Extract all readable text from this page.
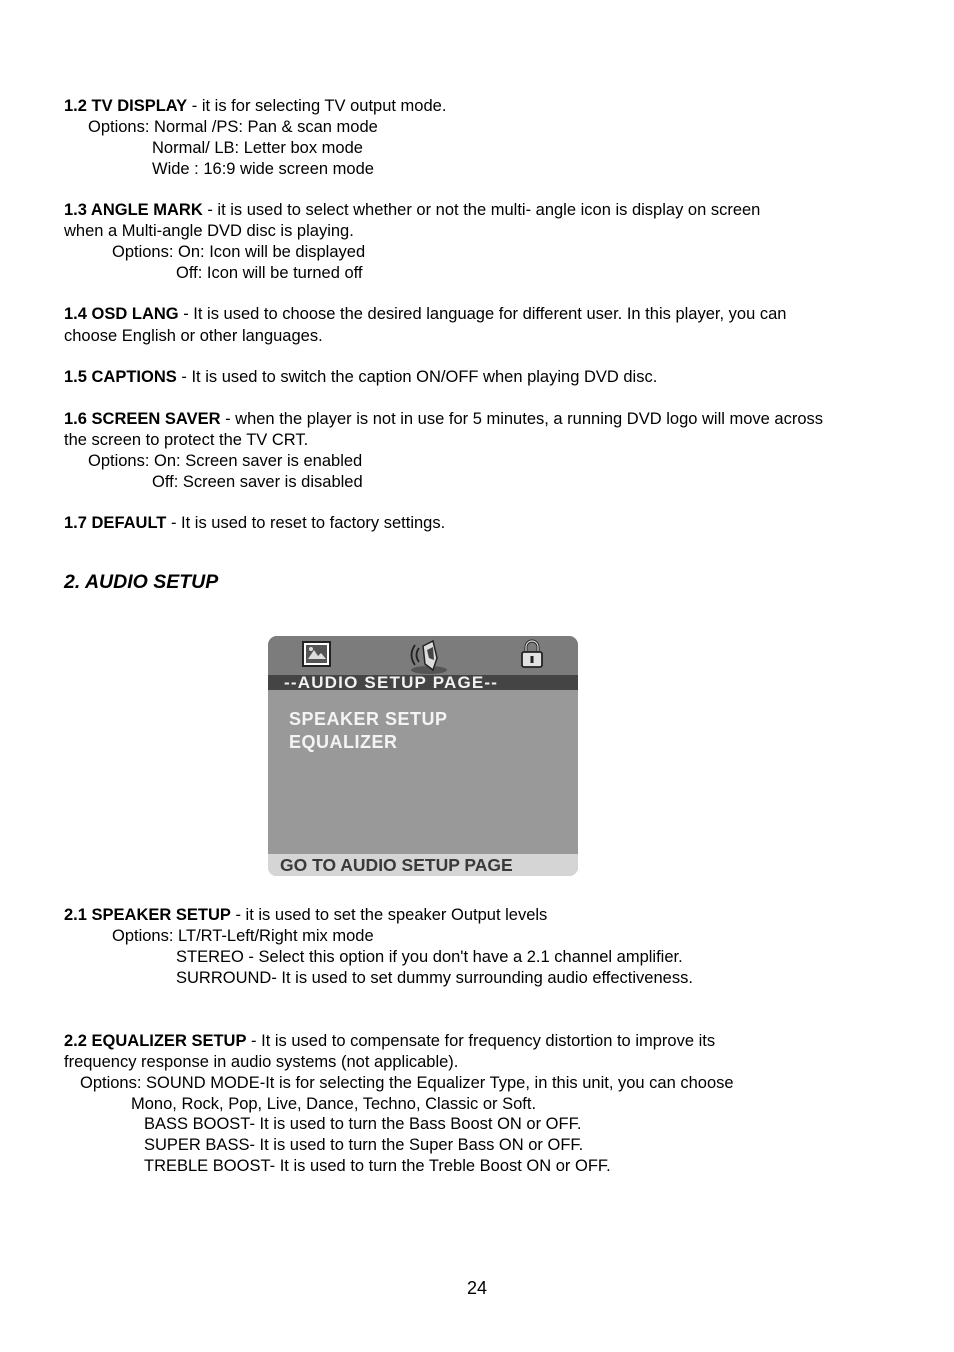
1.2 TV DISPLAY - it is for selecting TV output mode.
Options: Normal /PS: Pan & scan mode
Normal/ LB: Letter box mode
Wide : 16:9 wide screen mode
1.3 ANGLE MARK - it is used to select whether or not the multi- angle icon is display on screen
when a Multi-angle DVD disc is playing.
Options: On: Icon will be displayed
Off: Icon will be turned off
1.4 OSD LANG - It is used to choose the desired language for different user. In this player, you can
choose English or other languages.
1.5 CAPTIONS - It is used to switch the caption ON/OFF when playing DVD disc.
1.6 SCREEN SAVER - when the player is not in use for 5 minutes, a running DVD logo will move across
the screen to protect the TV CRT.
Options: On: Screen saver is enabled
Off: Screen saver is disabled
1.7 DEFAULT - It is used to reset to factory settings.
2. AUDIO SETUP
--AUDIO SETUP PAGE--
SPEAKER SETUP
EQUALIZER
GO TO AUDIO SETUP PAGE
2.1 SPEAKER SETUP - it is used to set the speaker Output levels
Options: LT/RT-Left/Right mix mode
STEREO - Select this option if you don't have a 2.1 channel amplifier.
SURROUND- It is used to set dummy surrounding audio effectiveness.
2.2 EQUALIZER SETUP - It is used to compensate for frequency distortion to improve its
frequency response in audio systems (not applicable).
Options: SOUND MODE-It is for selecting the Equalizer Type, in this unit, you can choose
Mono, Rock, Pop, Live, Dance, Techno, Classic or Soft.
BASS BOOST- It is used to turn the Bass Boost ON or OFF.
SUPER BASS- It is used to turn the Super Bass ON or OFF.
TREBLE BOOST- It is used to turn the Treble Boost ON or OFF.
24
